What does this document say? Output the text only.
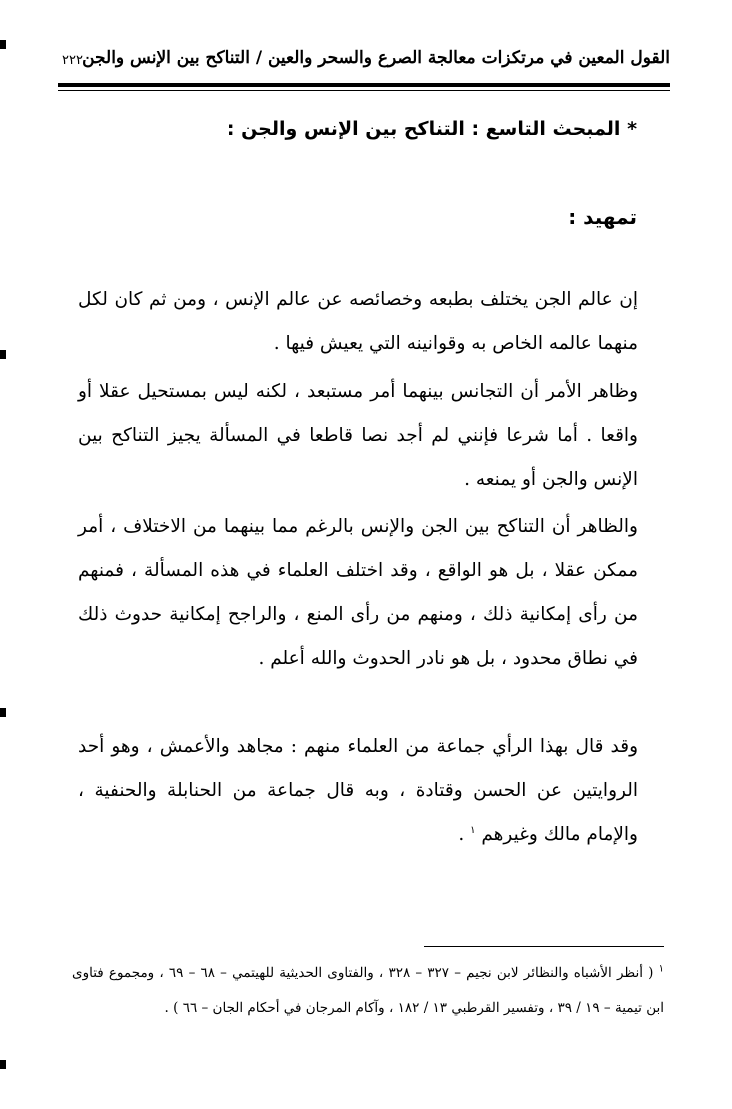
القول المعين في مرتكزات معالجة الصرع والسحر والعين / التناكح بين الإنس والجن
٢٢٢
* المبحث التاسع : التناكح بين الإنس والجن :
تمهيد :

إن عالم الجن يختلف بطبعه وخصائصه عن عالم الإنس ، ومن ثم كان لكل منهما عالمه الخاص به وقوانينه التي يعيش فيها .

وظاهر الأمر أن التجانس بينهما أمر مستبعد ، لكنه ليس بمستحيل عقلا أو واقعا . أما شرعا فإنني لم أجد نصا قاطعا في المسألة يجيز التناكح بين الإنس والجن أو يمنعه .

والظاهر أن التناكح بين الجن والإنس بالرغم مما بينهما من الاختلاف ، أمر ممكن عقلا ، بل هو الواقع ، وقد اختلف العلماء في هذه المسألة ، فمنهم من رأى إمكانية ذلك ، ومنهم من رأى المنع ، والراجح إمكانية حدوث ذلك في نطاق محدود ، بل هو نادر الحدوث والله أعلم .

وقد قال بهذا الرأي جماعة من العلماء منهم : مجاهد والأعمش ، وهو أحد الروايتين عن الحسن وقتادة ، وبه قال جماعة من الحنابلة والحنفية ، والإمام مالك وغيرهم $^١$ .

$^١$ ( أنظر الأشباه والنظائر لابن نجيم – ٣٢٧ – ٣٢٨ ، والفتاوى الحديثية للهيتمي – ٦٨ – ٦٩ ، ومجموع فتاوى ابن تيمية – ١٩ / ٣٩ ، وتفسير القرطبي ١٣ / ١٨٢ ، وآكام المرجان في أحكام الجان – ٦٦ ) .
